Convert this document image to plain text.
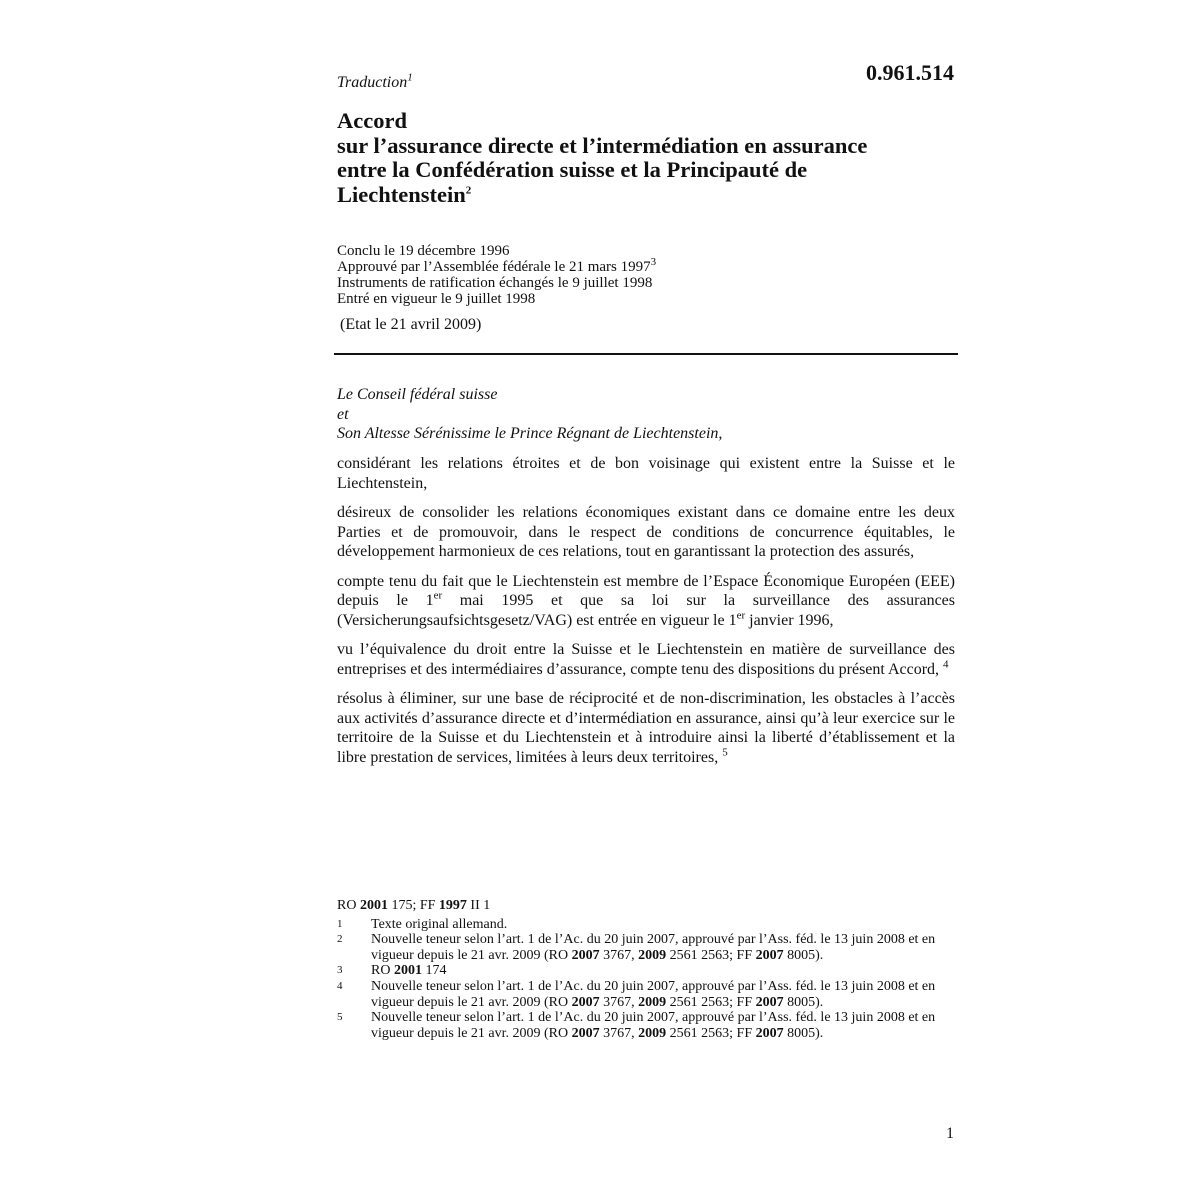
Traduction$^1$	0.961.514
Accord
sur l’assurance directe et l’intermédiation en assurance
entre la Confédération suisse et la Principauté de
Liechtenstein$^2$
Conclu le 19 décembre 1996
Approuvé par l’Assemblée fédérale le 21 mars 1997$^3$
Instruments de ratification échangés le 9 juillet 1998
Entré en vigueur le 9 juillet 1998
(Etat le 21 avril 2009)
Le Conseil fédéral suisse
et
Son Altesse Sérénissime le Prince Régnant de Liechtenstein,

considérant les relations étroites et de bon voisinage qui existent entre la Suisse et le Liechtenstein,

désireux de consolider les relations économiques existant dans ce domaine entre les deux Parties et de promouvoir, dans le respect de conditions de concurrence équitables, le développement harmonieux de ces relations, tout en garantissant la protection des assurés,

compte tenu du fait que le Liechtenstein est membre de l’Espace Économique Européen (EEE) depuis le 1er mai 1995 et que sa loi sur la surveillance des assurances (Versicherungsaufsichtsgesetz/VAG) est entrée en vigueur le 1er janvier 1996,

vu l’équivalence du droit entre la Suisse et le Liechtenstein en matière de surveillance des entreprises et des intermédiaires d’assurance, compte tenu des dispositions du présent Accord, $^4$

résolus à éliminer, sur une base de réciprocité et de non-discrimination, les obstacles à l’accès aux activités d’assurance directe et d’intermédiation en assurance, ainsi qu’à leur exercice sur le territoire de la Suisse et du Liechtenstein et à introduire ainsi la liberté d’établissement et la libre prestation de services, limitées à leurs deux territoires, $^5$

RO 2001 175; FF 1997 II 1
1 Texte original allemand.
2 Nouvelle teneur selon l’art. 1 de l’Ac. du 20 juin 2007, approuvé par l’Ass. féd. le 13 juin 2008 et en vigueur depuis le 21 avr. 2009 (RO 2007 3767, 2009 2561 2563; FF 2007 8005).
3 RO 2001 174
4 Nouvelle teneur selon l’art. 1 de l’Ac. du 20 juin 2007, approuvé par l’Ass. féd. le 13 juin 2008 et en vigueur depuis le 21 avr. 2009 (RO 2007 3767, 2009 2561 2563; FF 2007 8005).
5 Nouvelle teneur selon l’art. 1 de l’Ac. du 20 juin 2007, approuvé par l’Ass. féd. le 13 juin 2008 et en vigueur depuis le 21 avr. 2009 (RO 2007 3767, 2009 2561 2563; FF 2007 8005).
1
